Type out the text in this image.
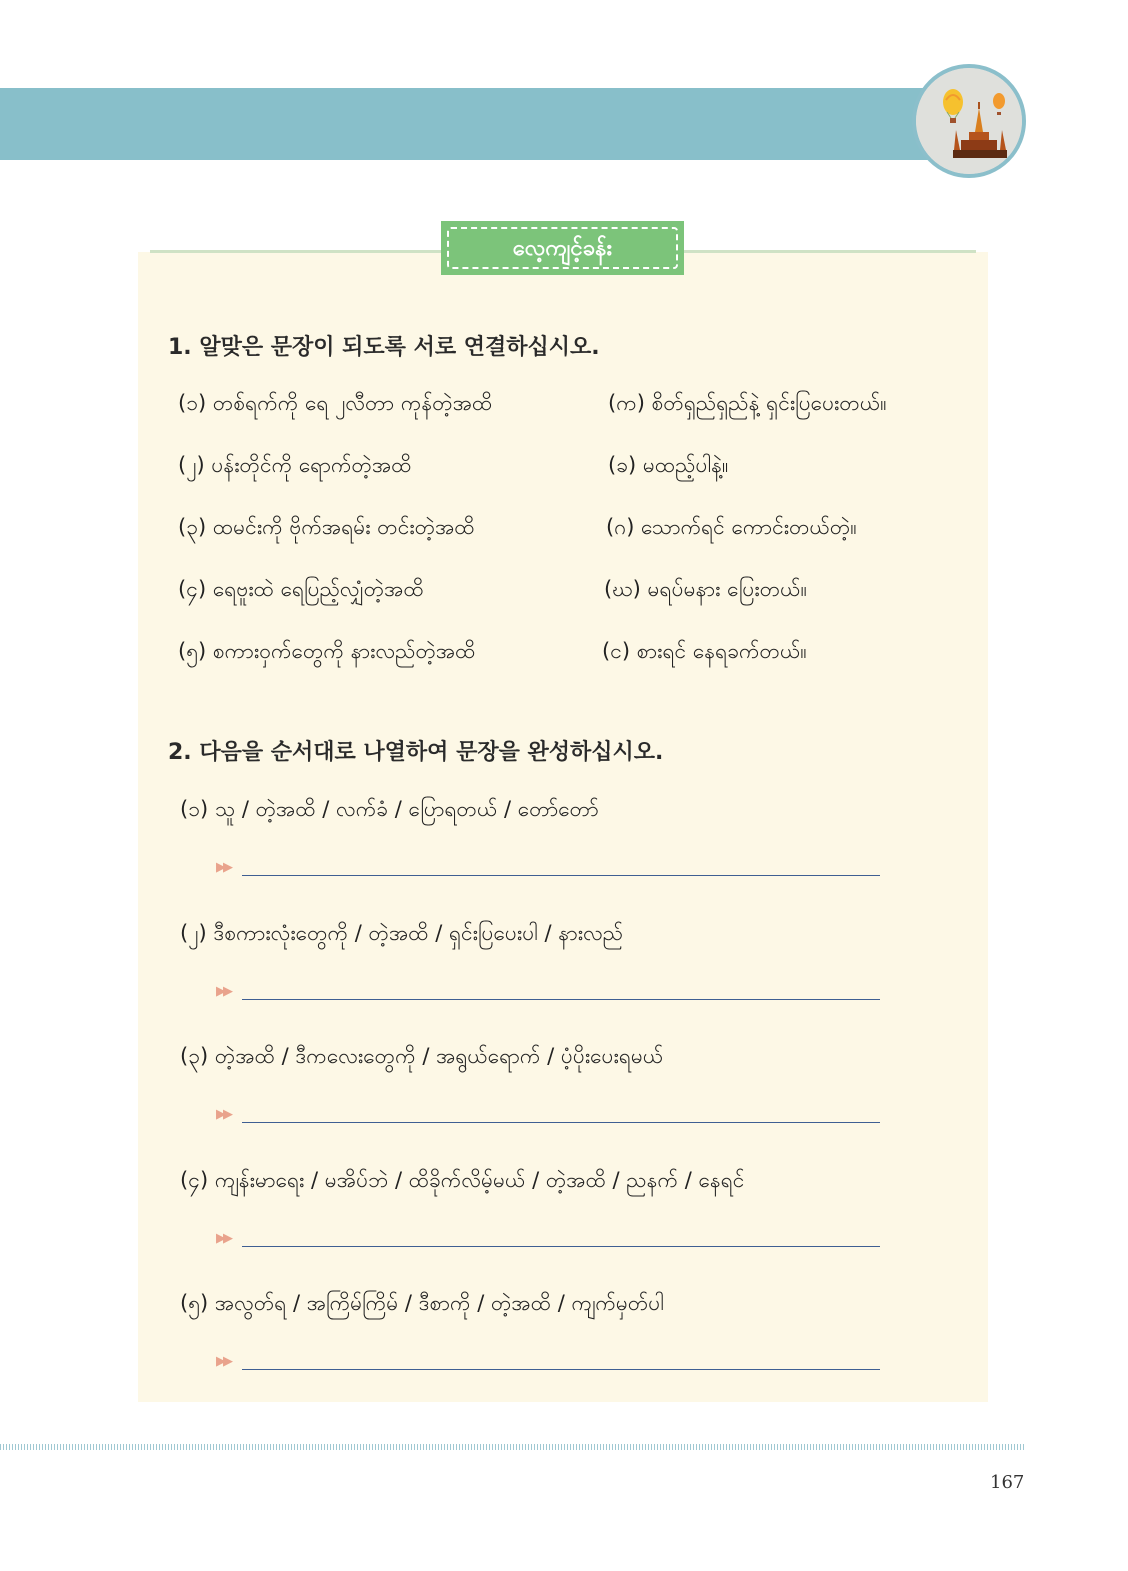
လေ့ကျင့်ခန်း
1. 알맞은 문장이 되도록 서로 연결하십시오.
(၁) တစ်ရက်ကို ရေ ၂လီတာ ကုန်တဲ့အထိ
(၂) ပန်းတိုင်ကို ရောက်တဲ့အထိ
(၃) ထမင်းကို ဗိုက်အရမ်း တင်းတဲ့အထိ
(၄) ရေဗူးထဲ ရေပြည့်လျှံတဲ့အထိ
(၅) စကားဝှက်တွေကို နားလည်တဲ့အထိ
(က) စိတ်ရှည်ရှည်နဲ့ ရှင်းပြပေးတယ်။
(ခ) မထည့်ပါနဲ့။
(ဂ) သောက်ရင် ကောင်းတယ်တဲ့။
(ဃ) မရပ်မနား ပြေးတယ်။
(င) စားရင် နေရခက်တယ်။
2. 다음을 순서대로 나열하여 문장을 완성하십시오.
(၁) သူ / တဲ့အထိ / လက်ခံ / ပြောရတယ် / တော်တော်
▶▶
(၂) ဒီစကားလုံးတွေကို / တဲ့အထိ / ရှင်းပြပေးပါ / နားလည်
▶▶
(၃) တဲ့အထိ / ဒီကလေးတွေကို / အရွယ်ရောက် / ပံ့ပိုးပေးရမယ်
▶▶
(၄) ကျန်းမာရေး / မအိပ်ဘဲ / ထိခိုက်လိမ့်မယ် / တဲ့အထိ / ညနက် / နေရင်
▶▶
(၅) အလွတ်ရ / အကြိမ်ကြိမ် / ဒီစာကို / တဲ့အထိ / ကျက်မှတ်ပါ
▶▶
167
